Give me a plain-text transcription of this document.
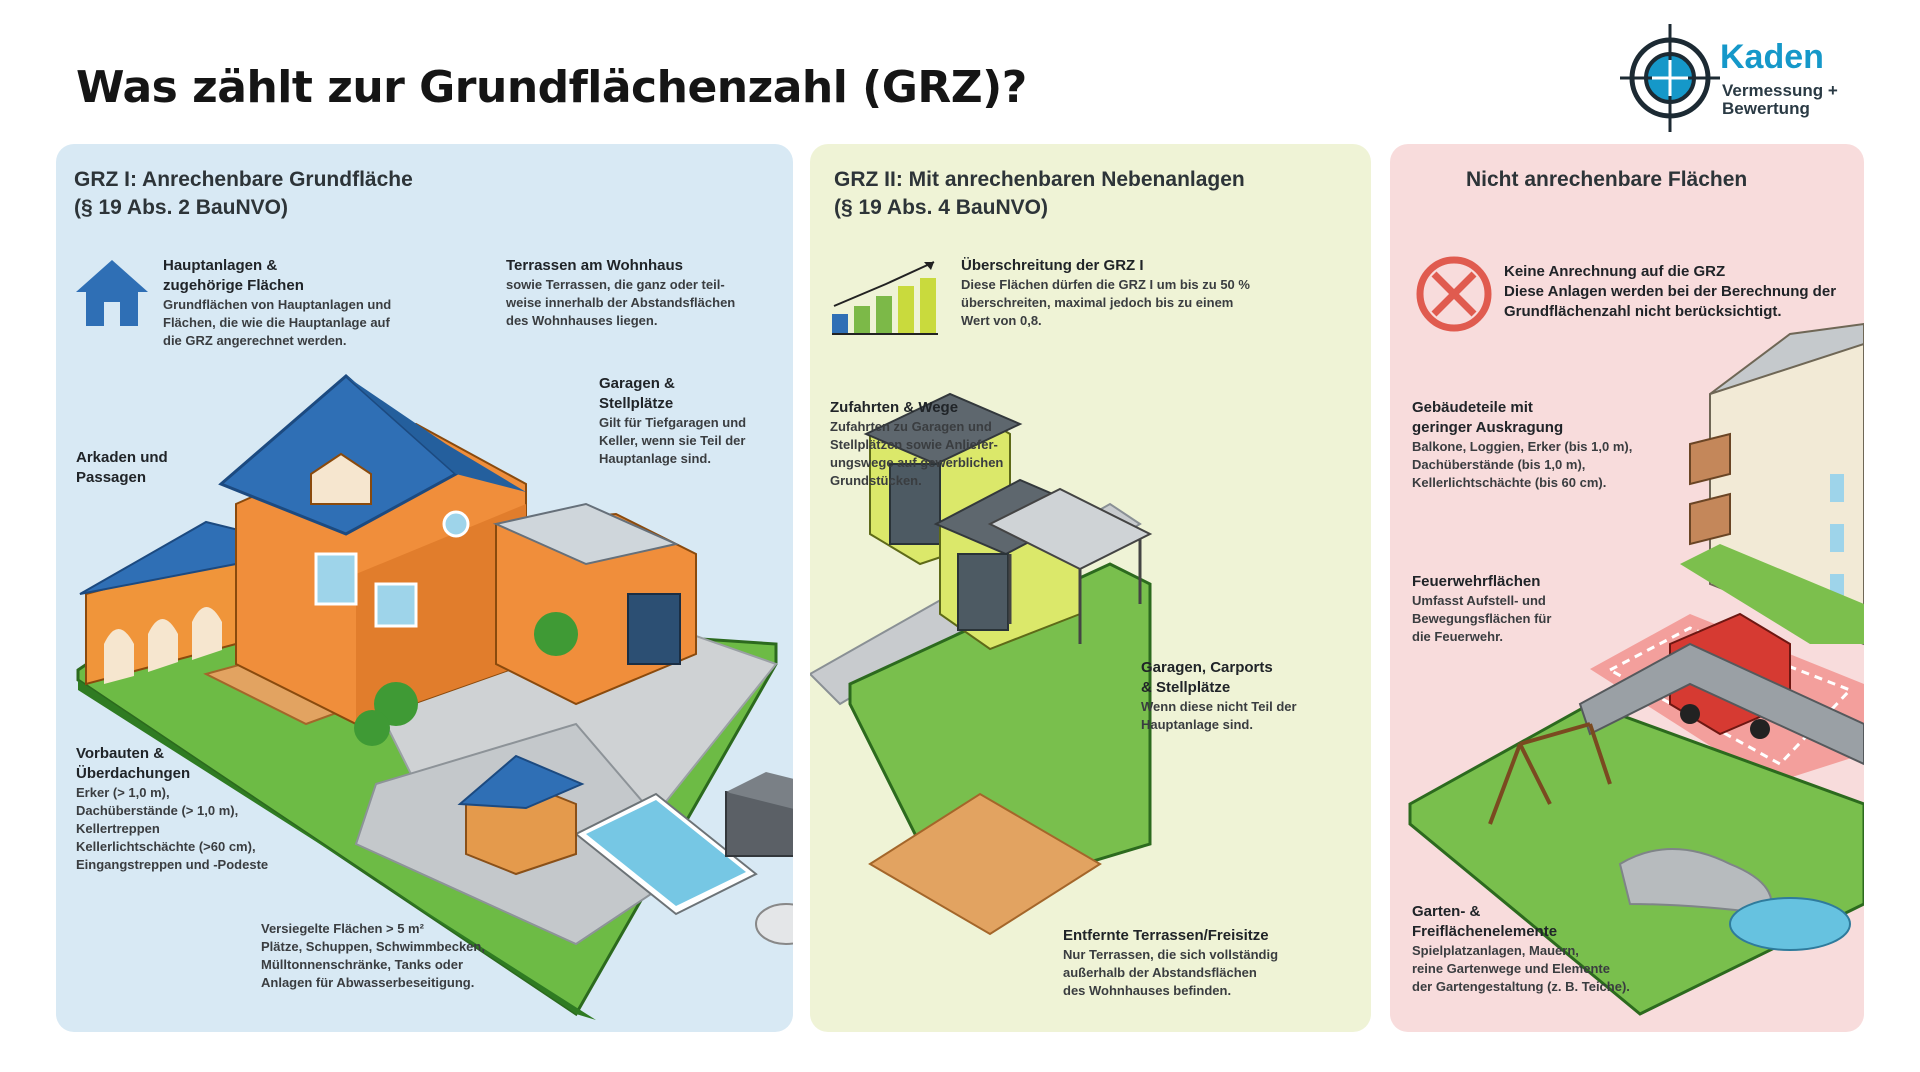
Was zählt zur Grundflächenzahl (GRZ)?
Kaden
Vermessung +
Bewertung
GRZ I: Anrechenbare Grundfläche
(§ 19 Abs. 2 BauNVO)
Hauptanlagen &
zugehörige Flächen
Grundflächen von Hauptanlagen und
Flächen, die wie die Hauptanlage auf
die GRZ angerechnet werden.
Terrassen am Wohnhaus
sowie Terrassen, die ganz oder teil-
weise innerhalb der Abstandsflächen
des Wohnhauses liegen.
Garagen &
Stellplätze
Gilt für Tiefgaragen und
Keller, wenn sie Teil der
Hauptanlage sind.
Arkaden und
Passagen
Vorbauten &
Überdachungen
Erker (> 1,0 m),
Dachüberstände (> 1,0 m),
Kellertreppen
Kellerlichtschächte (>60 cm),
Eingangstreppen und -Podeste
Versiegelte Flächen > 5 m²
Plätze, Schuppen, Schwimmbecken,
Mülltonnenschränke, Tanks oder
Anlagen für Abwasserbeseitigung.
GRZ II: Mit anrechenbaren Nebenanlagen
(§ 19 Abs. 4 BauNVO)
Überschreitung der GRZ I
Diese Flächen dürfen die GRZ I um bis zu 50 %
überschreiten, maximal jedoch bis zu einem
Wert von 0,8.
Zufahrten & Wege
Zufahrten zu Garagen und
Stellplätzen sowie Anliefer-
ungswege auf gewerblichen
Grundstücken.
Garagen, Carports
& Stellplätze
Wenn diese nicht Teil der
Hauptanlage sind.
Entfernte Terrassen/Freisitze
Nur Terrassen, die sich vollständig
außerhalb der Abstandsflächen
des Wohnhauses befinden.
Nicht anrechenbare Flächen
Keine Anrechnung auf die GRZ
Diese Anlagen werden bei der Berechnung der
Grundflächenzahl nicht berücksichtigt.
Gebäudeteile mit
geringer Auskragung
Balkone, Loggien, Erker (bis 1,0 m),
Dachüberstände (bis 1,0 m),
Kellerlichtschächte (bis 60 cm).
Feuerwehrflächen
Umfasst Aufstell- und
Bewegungsflächen für
die Feuerwehr.
Garten- &
Freiflächenelemente
Spielplatzanlagen, Mauern,
reine Gartenwege und Elemente
der Gartengestaltung (z. B. Teiche).
